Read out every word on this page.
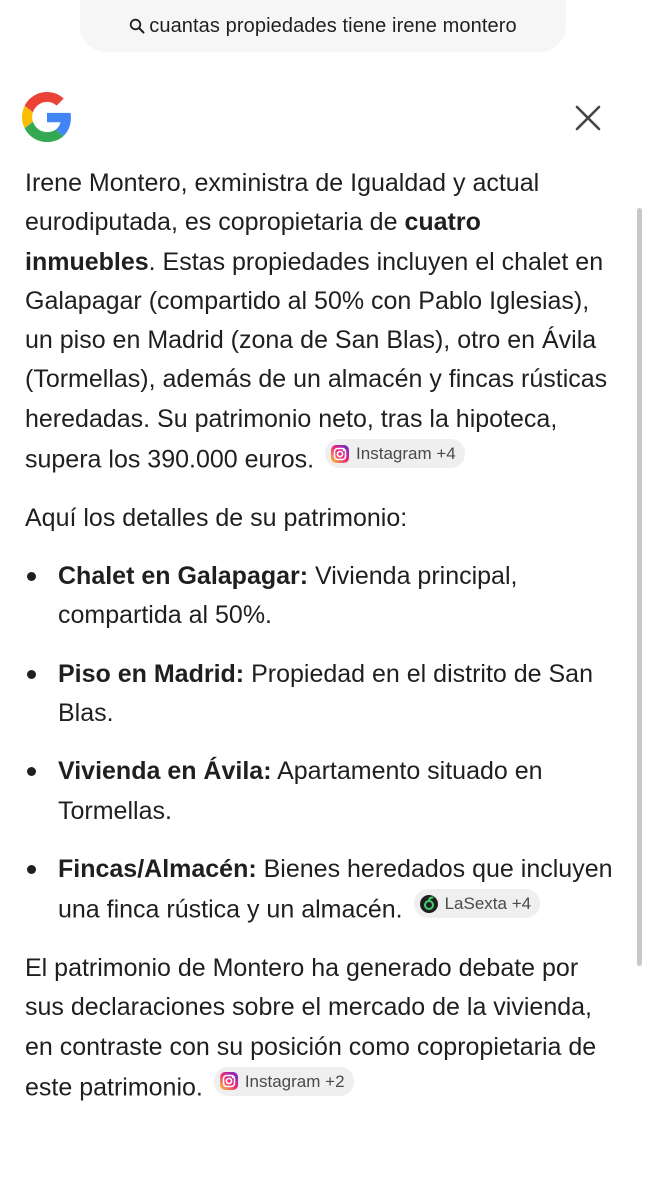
cuantas propiedades tiene irene montero
Irene Montero, exministra de Igualdad y actual eurodiputada, es copropietaria de cuatro inmuebles. Estas propiedades incluyen el chalet en Galapagar (compartido al 50% con Pablo Iglesias), un piso en Madrid (zona de San Blas), otro en Ávila (Tormellas), además de un almacén y fincas rústicas heredadas. Su patrimonio neto, tras la hipoteca, supera los 390.000 euros. Instagram +4
Aquí los detalles de su patrimonio:
Chalet en Galapagar: Vivienda principal, compartida al 50%.
Piso en Madrid: Propiedad en el distrito de San Blas.
Vivienda en Ávila: Apartamento situado en Tormellas.
Fincas/Almacén: Bienes heredados que incluyen una finca rústica y un almacén. LaSexta +4
El patrimonio de Montero ha generado debate por sus declaraciones sobre el mercado de la vivienda, en contraste con su posición como copropietaria de este patrimonio. Instagram +2
